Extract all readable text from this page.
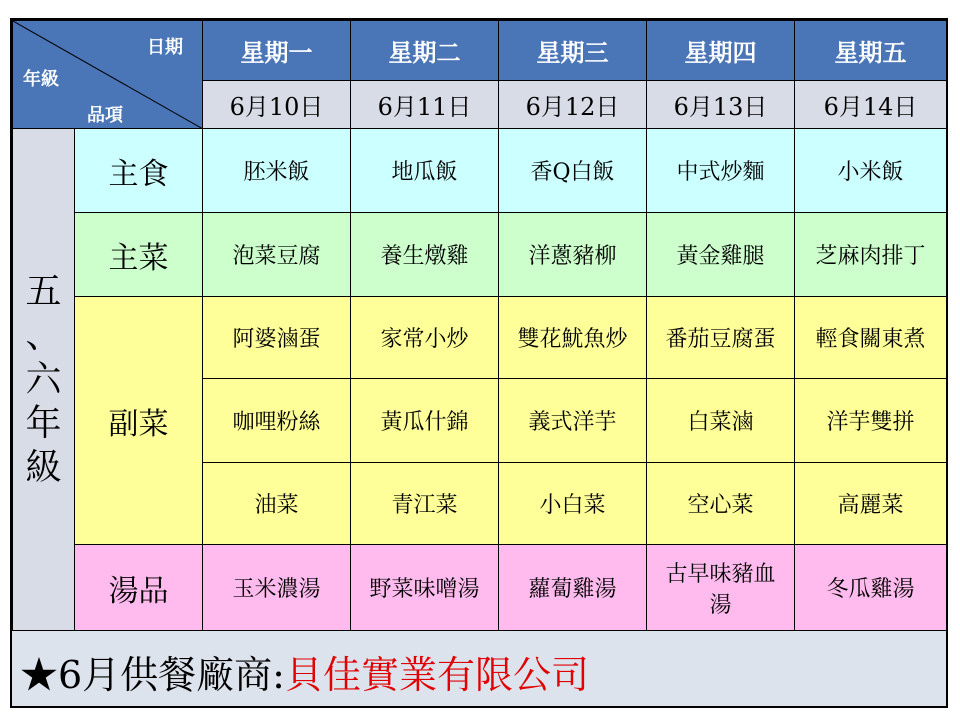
日期
年級
品項		星期一	星期二	星期三	星期四	星期五
		6月10日	6月11日	6月12日	6月13日	6月14日

五
、
六
年
級	主食	胚米飯	地瓜飯	香Q白飯	中式炒麵	小米飯
	主菜	泡菜豆腐	養生燉雞	洋蔥豬柳	黃金雞腿	芝麻肉排丁
	副菜	阿婆滷蛋	家常小炒	雙花魷魚炒	番茄豆腐蛋	輕食關東煮
		咖哩粉絲	黃瓜什錦	義式洋芋	白菜滷	洋芋雙拼
		油菜	青江菜	小白菜	空心菜	高麗菜
	湯品	玉米濃湯	野菜味噌湯	蘿蔔雞湯	古早味豬血湯	冬瓜雞湯
★6月供餐廠商:貝佳實業有限公司
